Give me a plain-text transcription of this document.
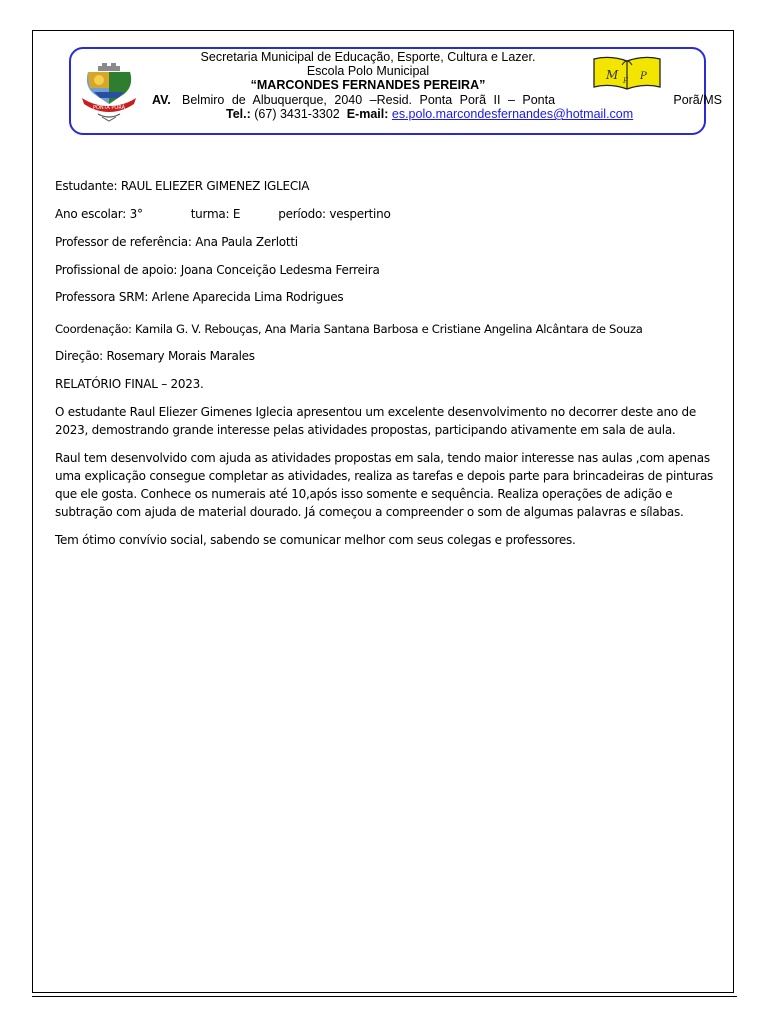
PONTA PORÃ
M F P
Secretaria Municipal de Educação, Esporte, Cultura e Lazer.
Escola Polo Municipal
“MARCONDES FERNANDES PEREIRA”
AV. Belmiro de Albuquerque, 2040 –Resid. Ponta Porã II – Ponta	Porã/MS
Tel.: (67) 3431-3302 E-mail: es.polo.marcondesfernandes@hotmail.com
Estudante: RAUL ELIEZER GIMENEZ IGLECIA
Ano escolar: 3°	turma: E	período: vespertino
Professor de referência: Ana Paula Zerlotti
Profissional de apoio: Joana Conceição Ledesma Ferreira
Professora SRM: Arlene Aparecida Lima Rodrigues
Coordenação: Kamila G. V. Rebouças, Ana Maria Santana Barbosa e Cristiane Angelina Alcântara de Souza
Direção: Rosemary Morais Marales
RELATÓRIO FINAL – 2023.
O estudante Raul Eliezer Gimenes Iglecia apresentou um excelente desenvolvimento no decorrer deste ano de 2023, demostrando grande interesse pelas atividades propostas, participando ativamente em sala de aula.
Raul tem desenvolvido com ajuda as atividades propostas em sala, tendo maior interesse nas aulas ,com apenas uma explicação consegue completar as atividades, realiza as tarefas e depois parte para brincadeiras de pinturas que ele gosta. Conhece os numerais até 10,após isso somente e sequência. Realiza operações de adição e subtração com ajuda de material dourado. Já começou a compreender o som de algumas palavras e sílabas.
Tem ótimo convívio social, sabendo se comunicar melhor com seus colegas e professores.
